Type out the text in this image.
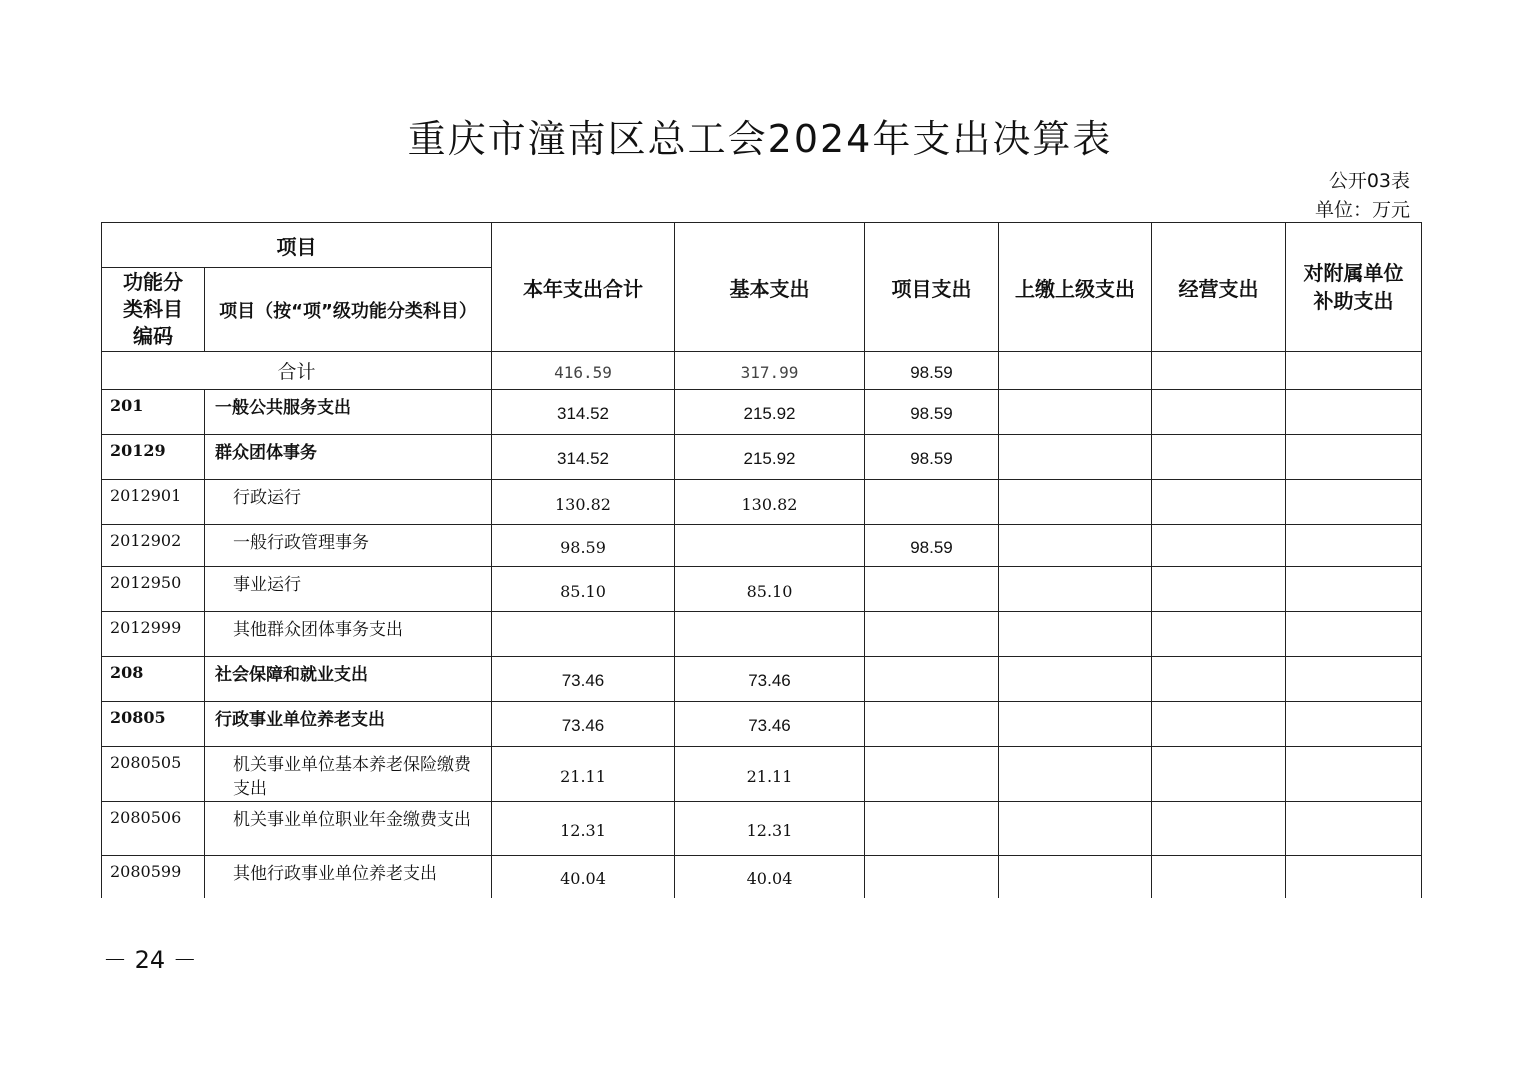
重庆市潼南区总工会2024年支出决算表
公开03表
单位：万元
项目		本年支出合计	基本支出	项目支出	上缴上级支出	经营支出	对附属单位补助支出
功能分类科目编码	项目（按“项”级功能分类科目）						
合计		416.59	317.99	98.59			
201	一般公共服务支出	314.52	215.92	98.59			
20129	群众团体事务	314.52	215.92	98.59			
2012901	行政运行	130.82	130.82				
2012902	一般行政管理事务	98.59		98.59			
2012950	事业运行	85.10	85.10				
2012999	其他群众团体事务支出						
208	社会保障和就业支出	73.46	73.46				
20805	行政事业单位养老支出	73.46	73.46				
2080505	机关事业单位基本养老保险缴费支出	21.11	21.11				
2080506	机关事业单位职业年金缴费支出	12.31	12.31				
2080599	其他行政事业单位养老支出	40.04	40.04				
－ 24 －
